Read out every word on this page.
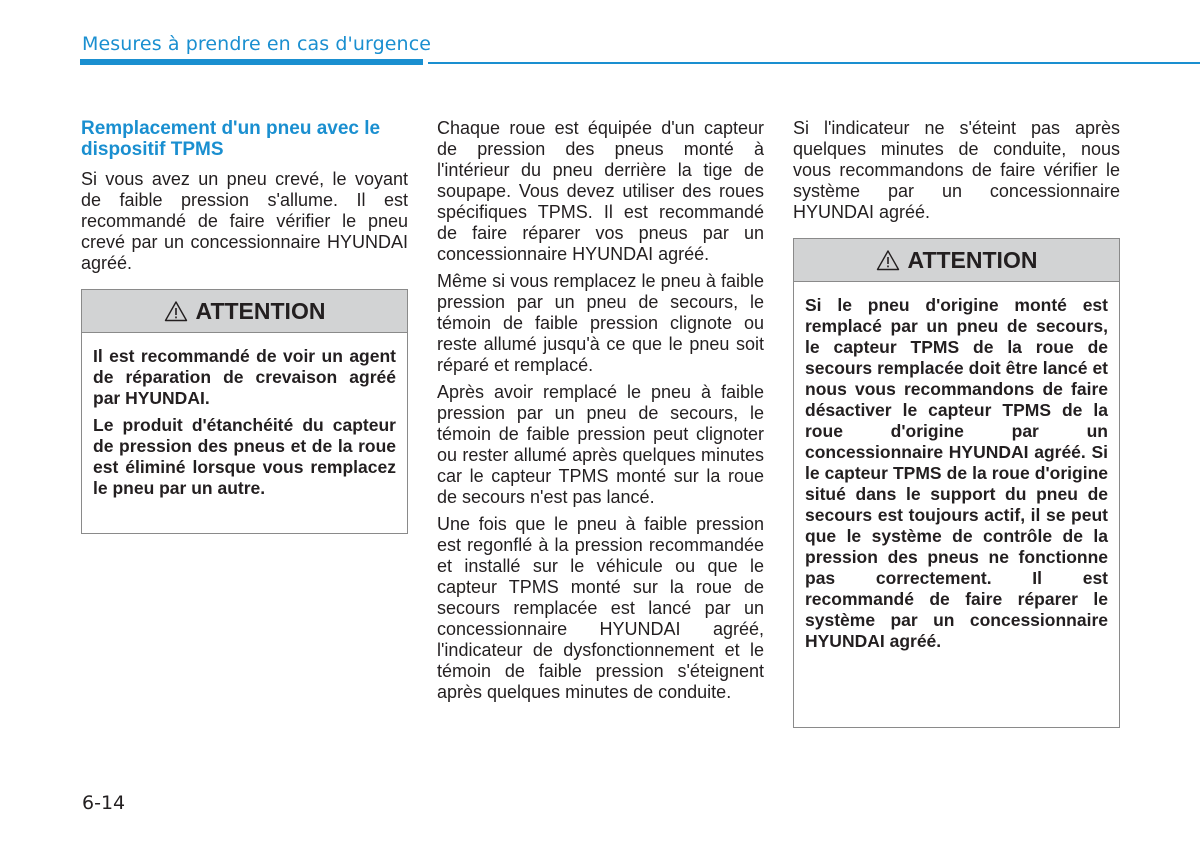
Mesures à prendre en cas d'urgence
Remplacement d'un pneu avec le dispositif TPMS

Si vous avez un pneu crevé, le voyant de faible pression s'allume. Il est recommandé de faire vérifier le pneu crevé par un concessionnaire HYUNDAI agréé.

ATTENTION

Il est recommandé de voir un agent de réparation de crevaison agréé par HYUNDAI.

Le produit d'étanchéité du capteur de pression des pneus et de la roue est éliminé lorsque vous remplacez le pneu par un autre.

Chaque roue est équipée d'un capteur de pression des pneus monté à l'intérieur du pneu derrière la tige de soupape. Vous devez utiliser des roues spécifiques TPMS. Il est recommandé de faire réparer vos pneus par un concessionnaire HYUNDAI agréé.

Même si vous remplacez le pneu à faible pression par un pneu de secours, le témoin de faible pression clignote ou reste allumé jusqu'à ce que le pneu soit réparé et remplacé.

Après avoir remplacé le pneu à faible pression par un pneu de secours, le témoin de faible pression peut clignoter ou rester allumé après quelques minutes car le capteur TPMS monté sur la roue de secours n'est pas lancé.

Une fois que le pneu à faible pression est regonflé à la pression recommandée et installé sur le véhicule ou que le capteur TPMS monté sur la roue de secours remplacée est lancé par un concessionnaire HYUNDAI agréé, l'indicateur de dysfonctionnement et le témoin de faible pression s'éteignent après quelques minutes de conduite.

Si l'indicateur ne s'éteint pas après quelques minutes de conduite, nous vous recommandons de faire vérifier le système par un concessionnaire HYUNDAI agréé.

ATTENTION

Si le pneu d'origine monté est remplacé par un pneu de secours, le capteur TPMS de la roue de secours remplacée doit être lancé et nous vous recommandons de faire désactiver le capteur TPMS de la roue d'origine par un concessionnaire HYUNDAI agréé. Si le capteur TPMS de la roue d'origine situé dans le support du pneu de secours est toujours actif, il se peut que le système de contrôle de la pression des pneus ne fonctionne pas correctement. Il est recommandé de faire réparer le système par un concessionnaire HYUNDAI agréé.

6-14
